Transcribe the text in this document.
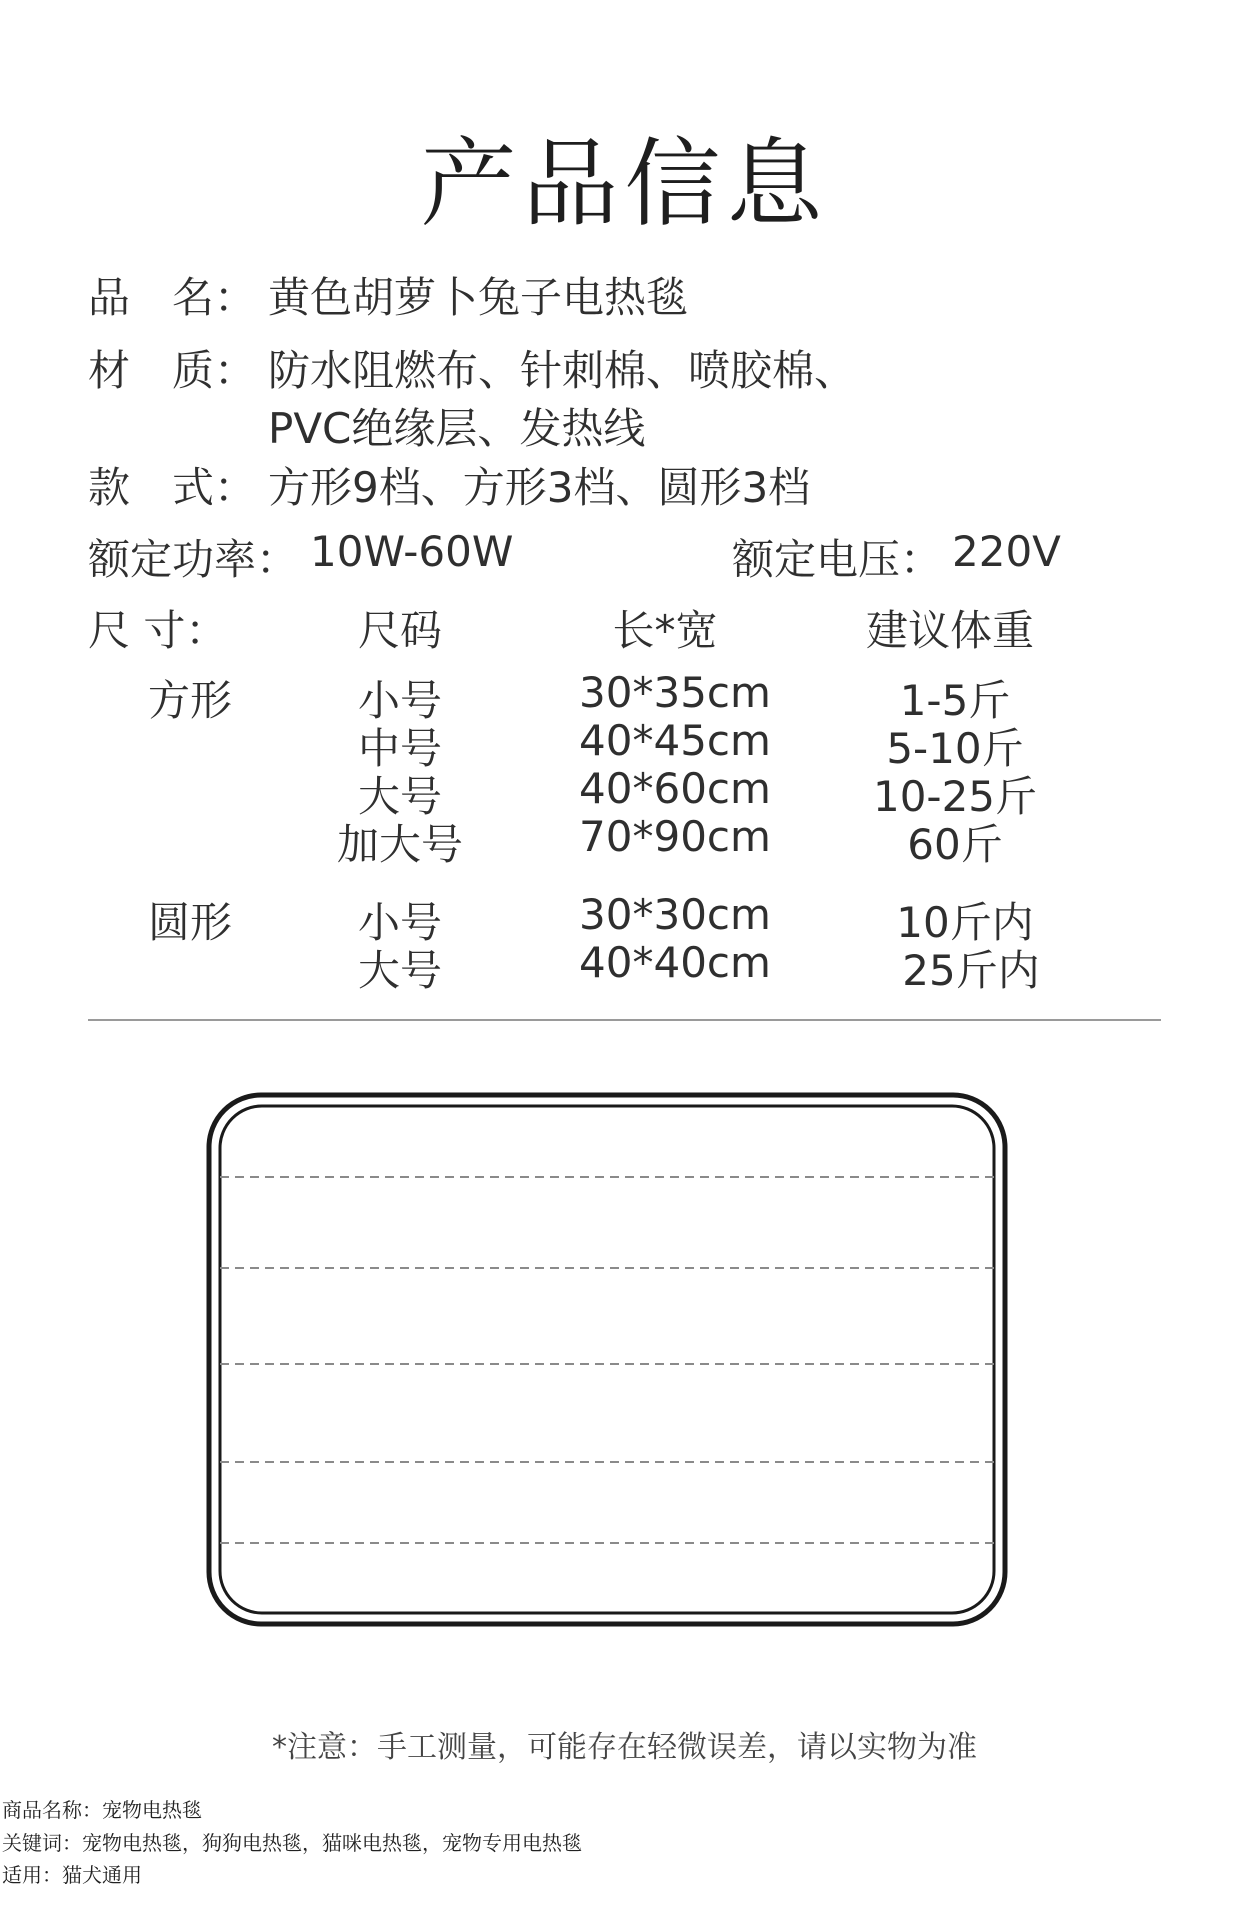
产品信息
品　名： 黄色胡萝卜兔子电热毯
材　质： 防水阻燃布、针刺棉、喷胶棉、
PVC绝缘层、发热线
款　式： 方形9档、方形3档、圆形3档
额定功率： 10W-60W	额定电压： 220V
尺 寸：	尺码	长*宽	建议体重
方形	小号	30*35cm	1-5斤
中号	40*45cm	5-10斤
大号	40*60cm	10-25斤
加大号	70*90cm	60斤
圆形	小号	30*30cm	10斤内
大号	40*40cm	25斤内
*注意：手工测量，可能存在轻微误差，请以实物为准
商品名称：宠物电热毯
关键词：宠物电热毯，狗狗电热毯，猫咪电热毯，宠物专用电热毯
适用：猫犬通用
